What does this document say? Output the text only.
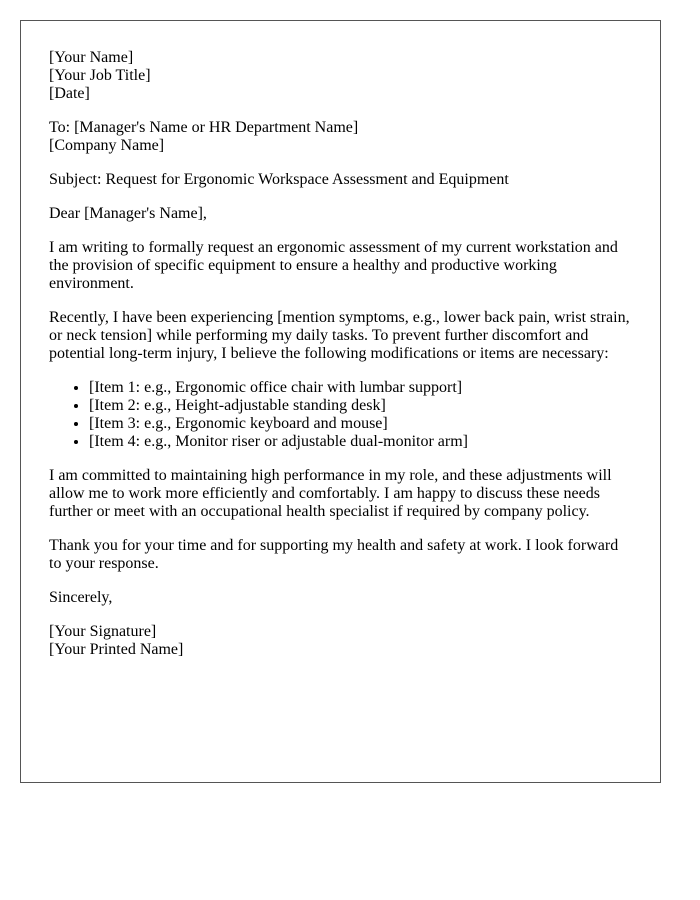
[Your Name]
[Your Job Title]
[Date]

To: [Manager's Name or HR Department Name]
[Company Name]

Subject: Request for Ergonomic Workspace Assessment and Equipment

Dear [Manager's Name],

I am writing to formally request an ergonomic assessment of my current workstation and the provision of specific equipment to ensure a healthy and productive working environment.

Recently, I have been experiencing [mention symptoms, e.g., lower back pain, wrist strain, or neck tension] while performing my daily tasks. To prevent further discomfort and potential long-term injury, I believe the following modifications or items are necessary:

• [Item 1: e.g., Ergonomic office chair with lumbar support]
• [Item 2: e.g., Height-adjustable standing desk]
• [Item 3: e.g., Ergonomic keyboard and mouse]
• [Item 4: e.g., Monitor riser or adjustable dual-monitor arm]

I am committed to maintaining high performance in my role, and these adjustments will allow me to work more efficiently and comfortably. I am happy to discuss these needs further or meet with an occupational health specialist if required by company policy.

Thank you for your time and for supporting my health and safety at work. I look forward to your response.

Sincerely,

[Your Signature]
[Your Printed Name]
